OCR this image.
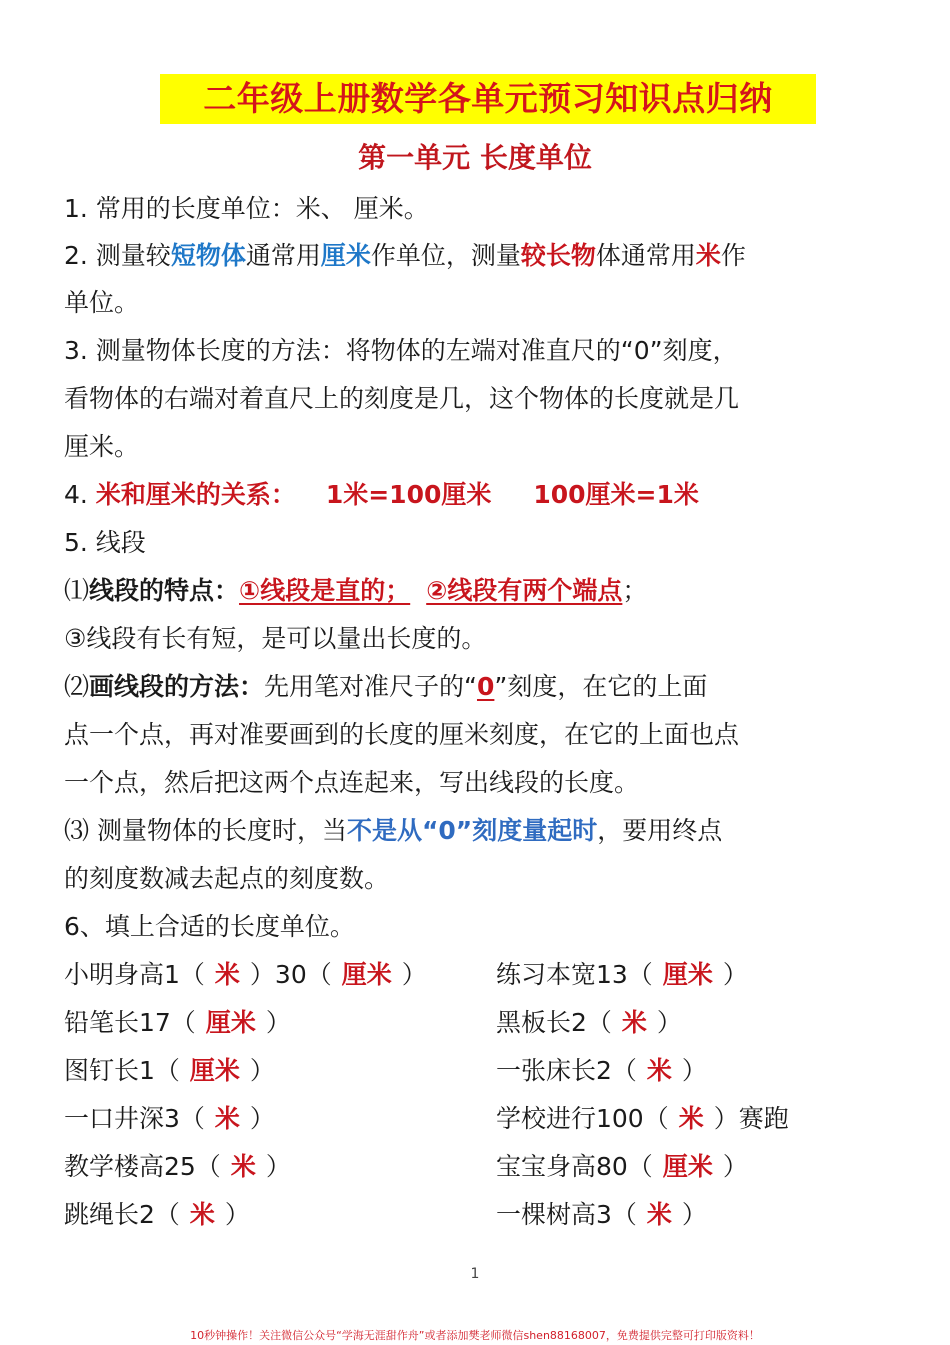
二年级上册数学各单元预习知识点归纳
第一单元 长度单位
1. 常用的长度单位：米、 厘米。
2. 测量较短物体通常用厘米作单位，测量较长物体通常用米作
单位。
3. 测量物体长度的方法：将物体的左端对准直尺的“0”刻度，
看物体的右端对着直尺上的刻度是几，这个物体的长度就是几
厘米。
4. 米和厘米的关系： 1米=100厘米 100厘米=1米
5. 线段
⑴线段的特点：①线段是直的； ②线段有两个端点；
③线段有长有短，是可以量出长度的。
⑵画线段的方法：先用笔对准尺子的“0”刻度，在它的上面
点一个点，再对准要画到的长度的厘米刻度，在它的上面也点
一个点，然后把这两个点连起来，写出线段的长度。
⑶ 测量物体的长度时，当不是从“0”刻度量起时，要用终点
的刻度数减去起点的刻度数。
6、填上合适的长度单位。
小明身高1（ 米 ）30（ 厘米 ）	练习本宽13（ 厘米 ）
铅笔长17（ 厘米 ）	黑板长2（ 米 ）
图钉长1（ 厘米 ）	一张床长2（ 米 ）
一口井深3（ 米 ）	学校进行100（ 米 ）赛跑
教学楼高25（ 米 ）	宝宝身高80（ 厘米 ）
跳绳长2（ 米 ）	一棵树高3（ 米 ）
1
10秒钟操作！关注微信公众号“学海无涯甜作舟”或者添加樊老师微信shen88168007，免费提供完整可打印版资料！
